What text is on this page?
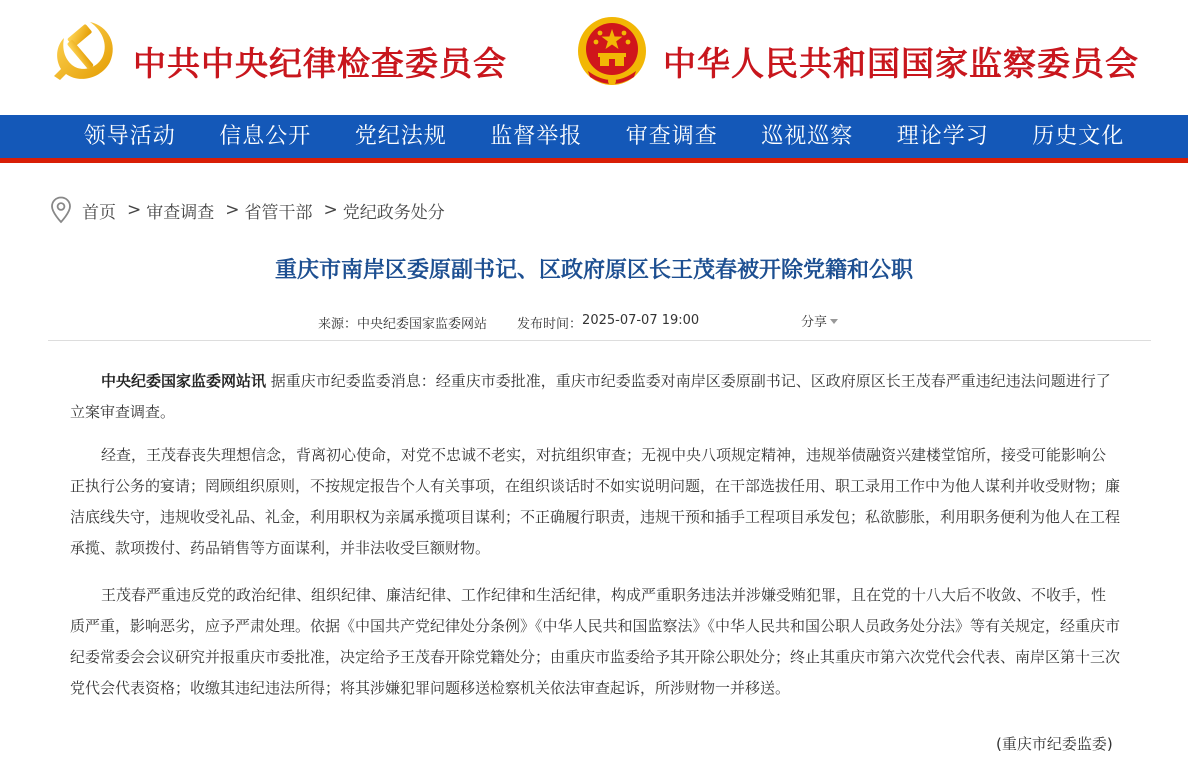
中共中央纪律检查委员会	中华人民共和国国家监察委员会
领导活动	信息公开	党纪法规	监督举报	审查调查	巡视巡察	理论学习	历史文化
首页 > 审查调查 > 省管干部 > 党纪政务处分
重庆市南岸区委原副书记、区政府原区长王茂春被开除党籍和公职
来源： 中央纪委国家监委网站 发布时间： 2025-07-07 19:00	分享

中央纪委国家监委网站讯 据重庆市纪委监委消息：经重庆市委批准，重庆市纪委监委对南岸区委原副书记、区政府原区长王茂春严重违纪违法问题进行了立案审查调查。

经查，王茂春丧失理想信念，背离初心使命，对党不忠诚不老实，对抗组织审查；无视中央八项规定精神，违规举债融资兴建楼堂馆所，接受可能影响公正执行公务的宴请；罔顾组织原则，不按规定报告个人有关事项，在组织谈话时不如实说明问题，在干部选拔任用、职工录用工作中为他人谋利并收受财物；廉洁底线失守，违规收受礼品、礼金，利用职权为亲属承揽项目谋利；不正确履行职责，违规干预和插手工程项目承发包；私欲膨胀，利用职务便利为他人在工程承揽、款项拨付、药品销售等方面谋利，并非法收受巨额财物。

王茂春严重违反党的政治纪律、组织纪律、廉洁纪律、工作纪律和生活纪律，构成严重职务违法并涉嫌受贿犯罪，且在党的十八大后不收敛、不收手，性质严重，影响恶劣，应予严肃处理。依据《中国共产党纪律处分条例》《中华人民共和国监察法》《中华人民共和国公职人员政务处分法》等有关规定，经重庆市纪委常委会会议研究并报重庆市委批准，决定给予王茂春开除党籍处分；由重庆市监委给予其开除公职处分；终止其重庆市第六次党代会代表、南岸区第十三次党代会代表资格；收缴其违纪违法所得；将其涉嫌犯罪问题移送检察机关依法审查起诉，所涉财物一并移送。

(重庆市纪委监委)
